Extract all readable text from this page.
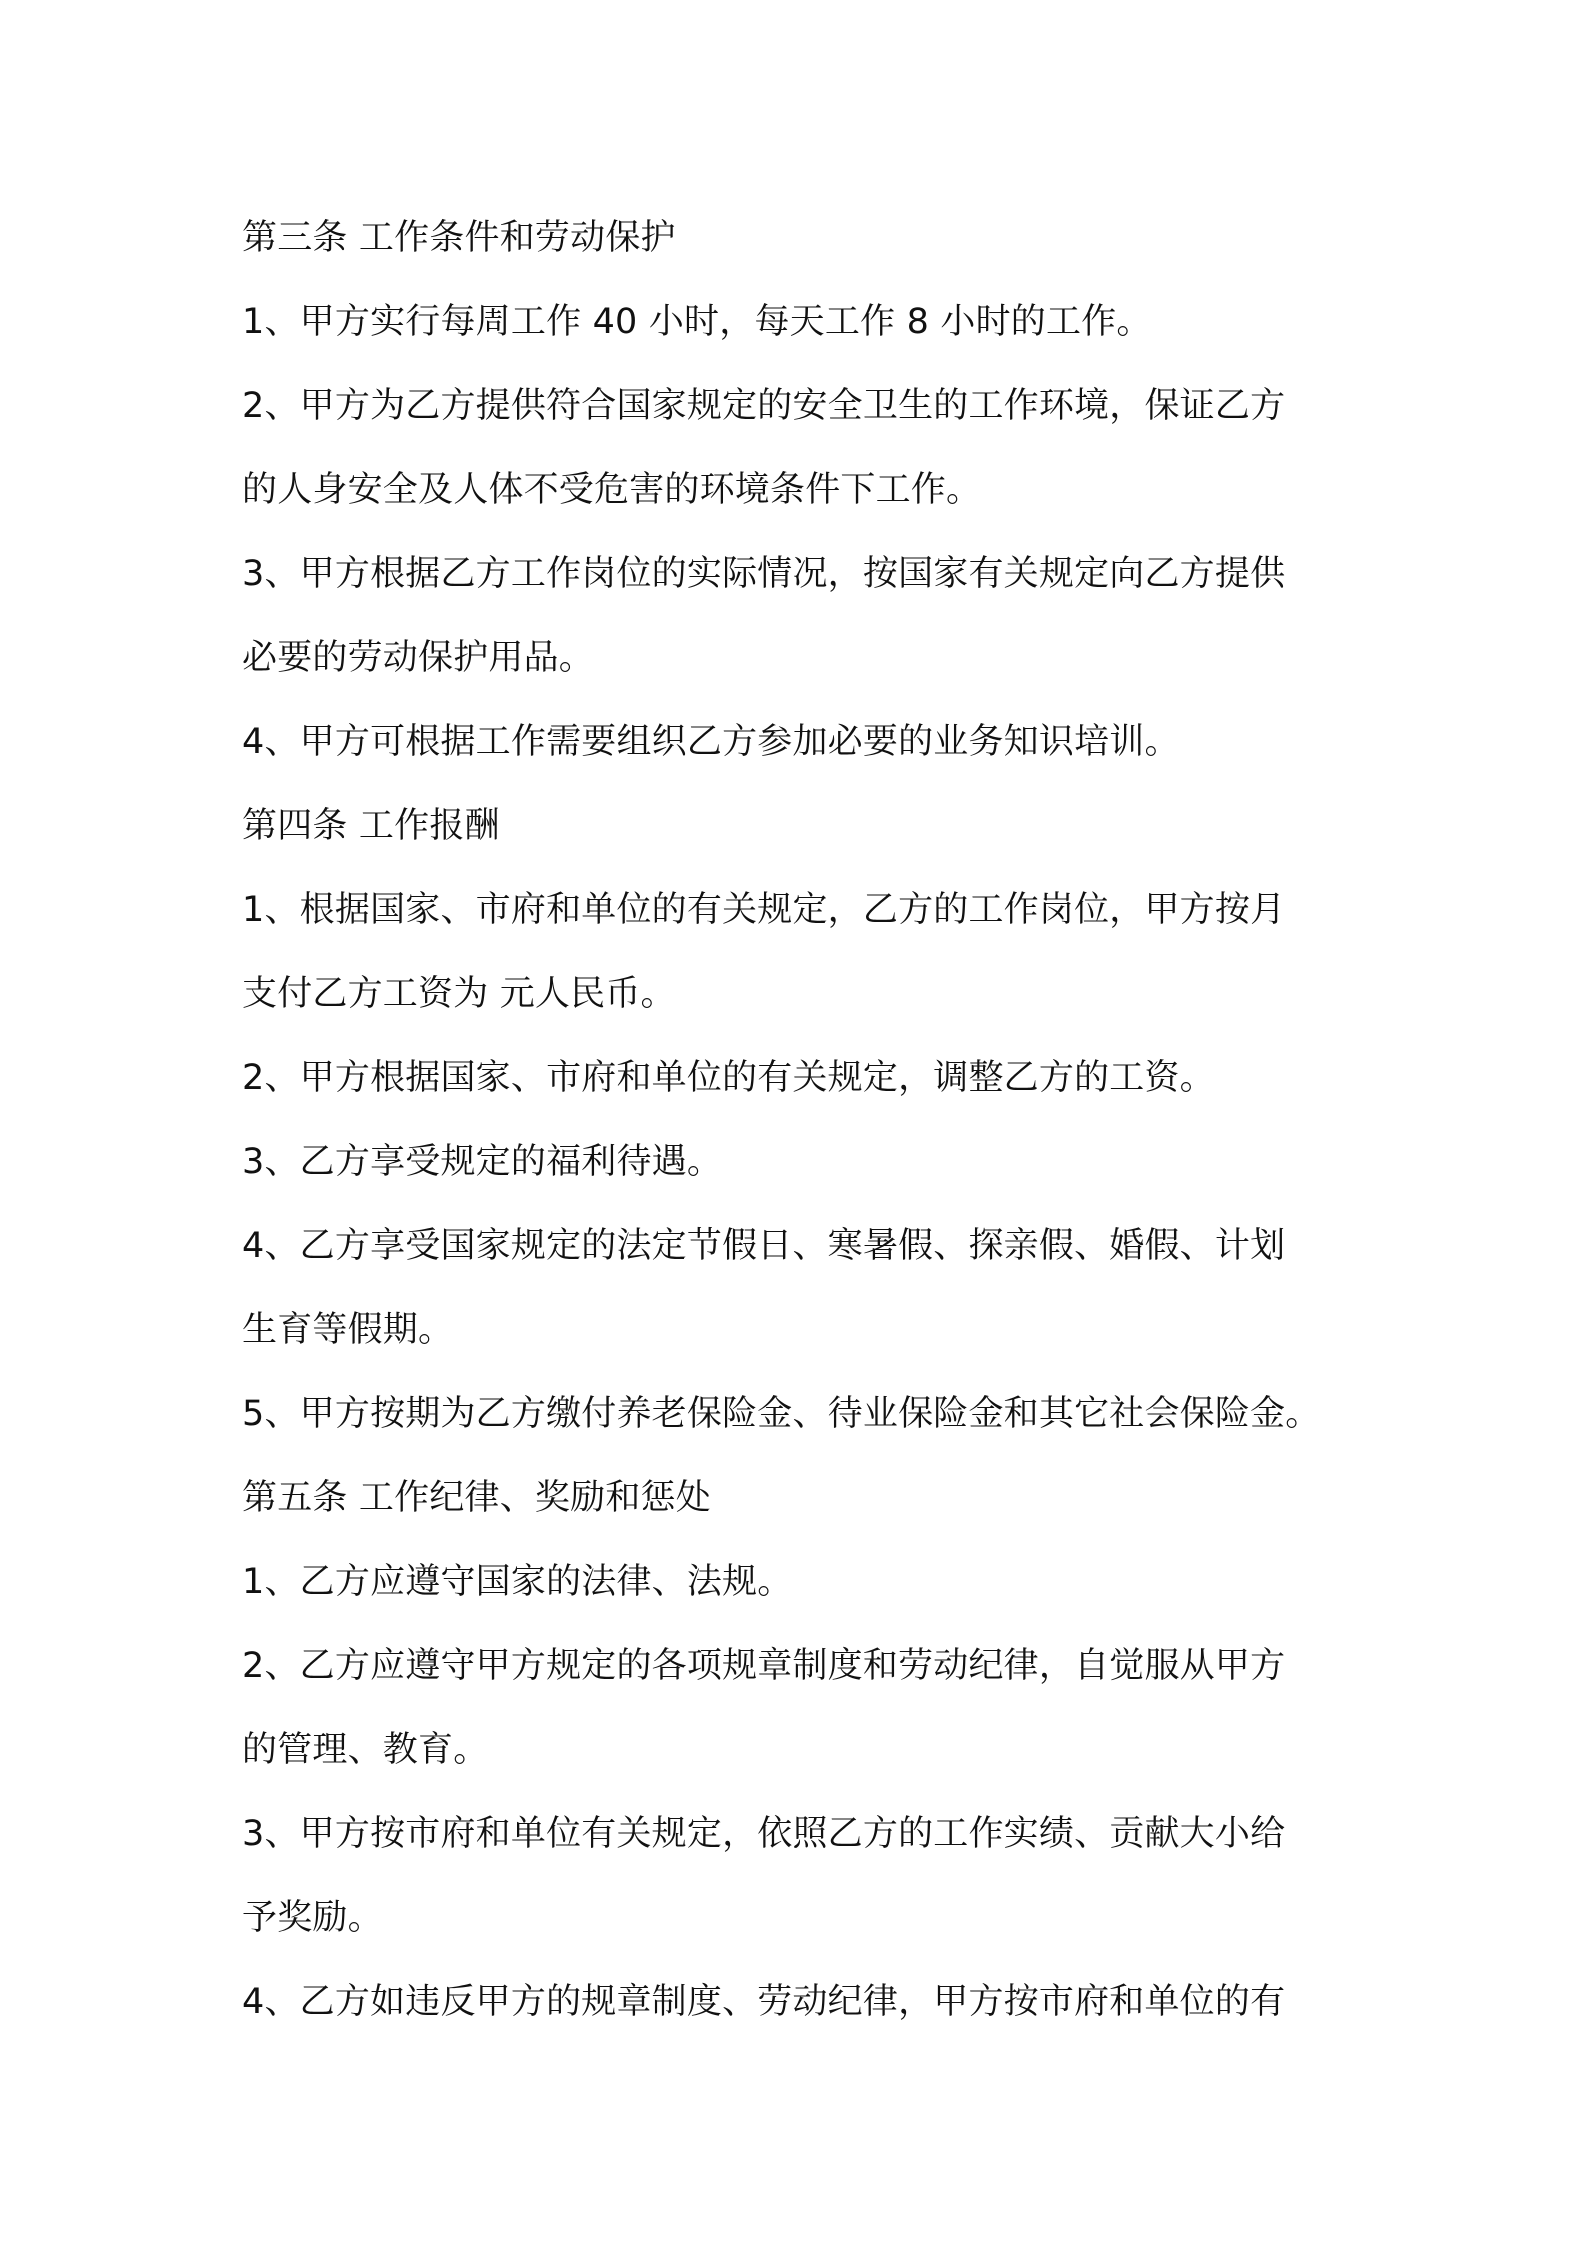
第三条 工作条件和劳动保护
1、甲方实行每周工作 40 小时，每天工作 8 小时的工作。
2、甲方为乙方提供符合国家规定的安全卫生的工作环境，保证乙方
的人身安全及人体不受危害的环境条件下工作。
3、甲方根据乙方工作岗位的实际情况，按国家有关规定向乙方提供
必要的劳动保护用品。
4、甲方可根据工作需要组织乙方参加必要的业务知识培训。
第四条 工作报酬
1、根据国家、市府和单位的有关规定，乙方的工作岗位，甲方按月
支付乙方工资为 元人民币。
2、甲方根据国家、市府和单位的有关规定，调整乙方的工资。
3、乙方享受规定的福利待遇。
4、乙方享受国家规定的法定节假日、寒暑假、探亲假、婚假、计划
生育等假期。
5、甲方按期为乙方缴付养老保险金、待业保险金和其它社会保险金。
第五条 工作纪律、奖励和惩处
1、乙方应遵守国家的法律、法规。
2、乙方应遵守甲方规定的各项规章制度和劳动纪律，自觉服从甲方
的管理、教育。
3、甲方按市府和单位有关规定，依照乙方的工作实绩、贡献大小给
予奖励。
4、乙方如违反甲方的规章制度、劳动纪律，甲方按市府和单位的有
